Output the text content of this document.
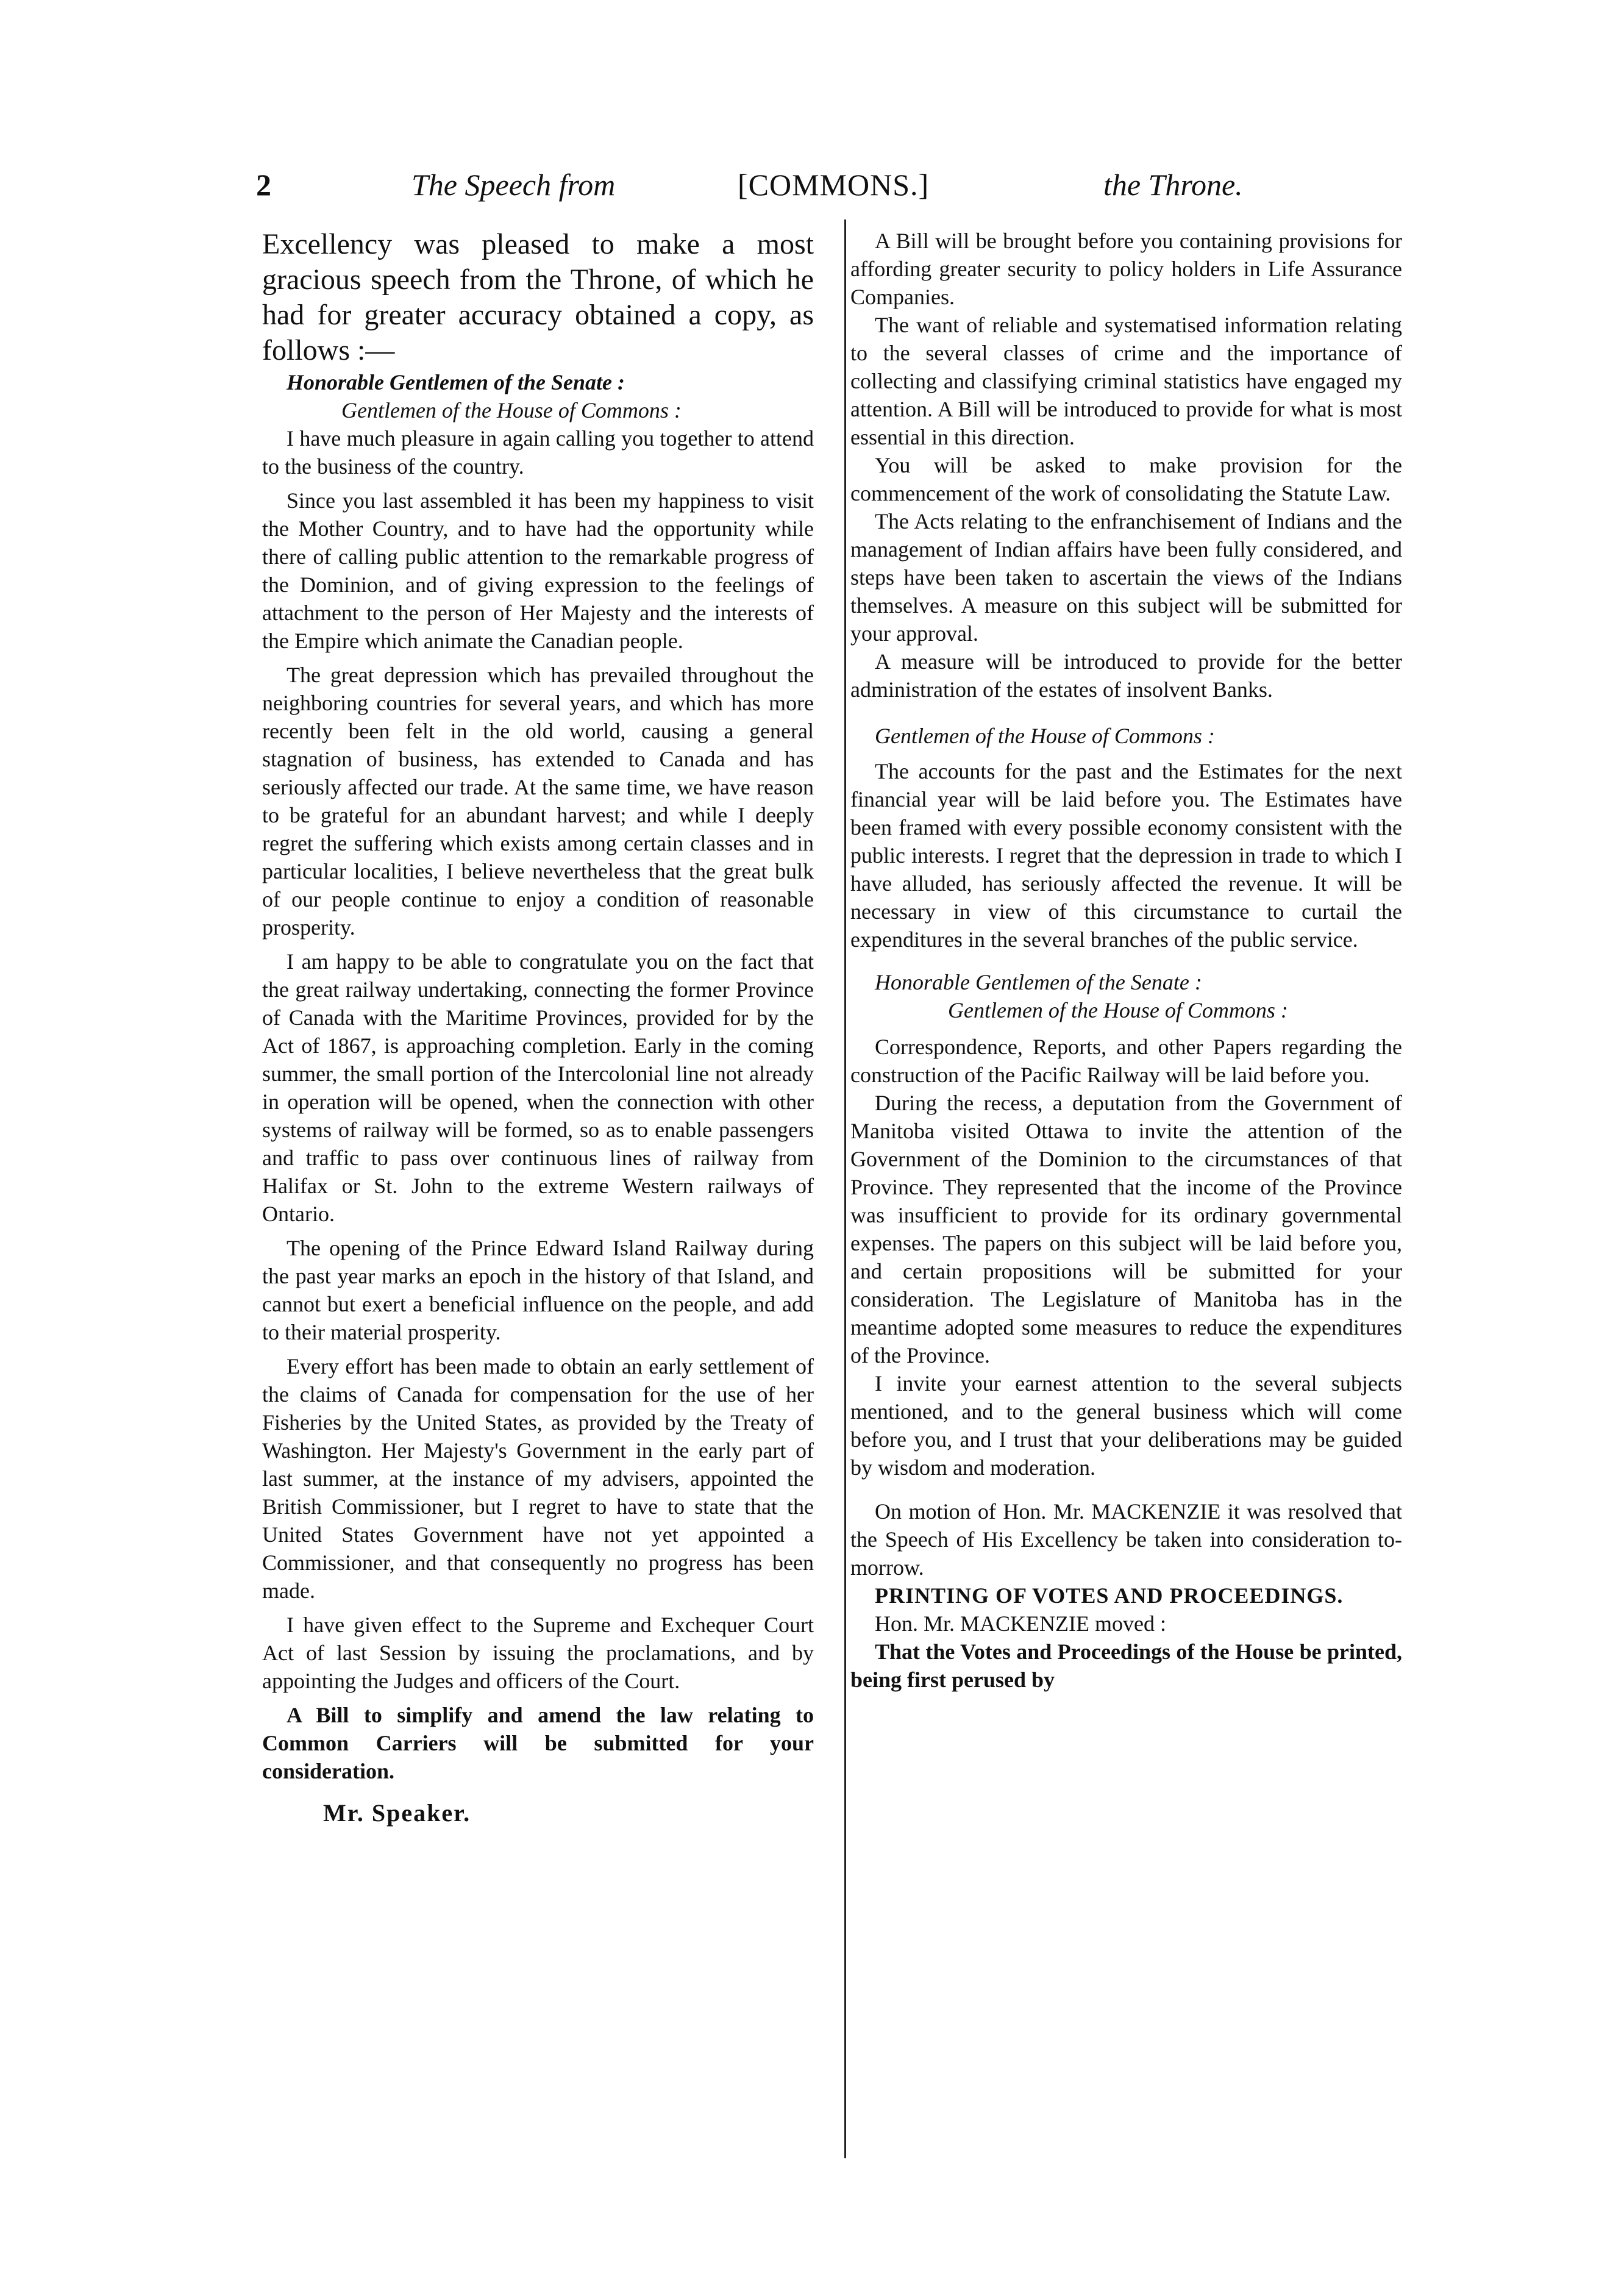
2	The Speech from	[COMMONS.]	the Throne.

Excellency was pleased to make a most gracious speech from the Throne, of which he had for greater accuracy obtained a copy, as follows :—

Honorable Gentlemen of the Senate :

Gentlemen of the House of Commons :

I have much pleasure in again calling you together to attend to the business of the country.

Since you last assembled it has been my happiness to visit the Mother Country, and to have had the opportunity while there of calling public attention to the remarkable progress of the Dominion, and of giving expression to the feelings of attachment to the person of Her Majesty and the interests of the Empire which animate the Canadian people.

The great depression which has prevailed throughout the neighboring countries for several years, and which has more recently been felt in the old world, causing a general stagnation of business, has extended to Canada and has seriously affected our trade. At the same time, we have reason to be grateful for an abundant harvest; and while I deeply regret the suffering which exists among certain classes and in particular localities, I believe nevertheless that the great bulk of our people continue to enjoy a condition of reasonable prosperity.

I am happy to be able to congratulate you on the fact that the great railway undertaking, connecting the former Province of Canada with the Maritime Provinces, provided for by the Act of 1867, is approaching completion. Early in the coming summer, the small portion of the Intercolonial line not already in operation will be opened, when the connection with other systems of railway will be formed, so as to enable passengers and traffic to pass over continuous lines of railway from Halifax or St. John to the extreme Western railways of Ontario.

The opening of the Prince Edward Island Railway during the past year marks an epoch in the history of that Island, and cannot but exert a beneficial influence on the people, and add to their material prosperity.

Every effort has been made to obtain an early settlement of the claims of Canada for compensation for the use of her Fisheries by the United States, as provided by the Treaty of Washington. Her Majesty's Government in the early part of last summer, at the instance of my advisers, appointed the British Commissioner, but I regret to have to state that the United States Government have not yet appointed a Commissioner, and that consequently no progress has been made.

I have given effect to the Supreme and Exchequer Court Act of last Session by issuing the proclamations, and by appointing the Judges and officers of the Court.

A Bill to simplify and amend the law relating to Common Carriers will be submitted for your consideration.

Mr. Speaker.

A Bill will be brought before you containing provisions for affording greater security to policy holders in Life Assurance Companies.

The want of reliable and systematised information relating to the several classes of crime and the importance of collecting and classifying criminal statistics have engaged my attention. A Bill will be introduced to provide for what is most essential in this direction.

You will be asked to make provision for the commencement of the work of consolidating the Statute Law.

The Acts relating to the enfranchisement of Indians and the management of Indian affairs have been fully considered, and steps have been taken to ascertain the views of the Indians themselves. A measure on this subject will be submitted for your approval.

A measure will be introduced to provide for the better administration of the estates of insolvent Banks.

Gentlemen of the House of Commons :

The accounts for the past and the Estimates for the next financial year will be laid before you. The Estimates have been framed with every possible economy consistent with the public interests. I regret that the depression in trade to which I have alluded, has seriously affected the revenue. It will be necessary in view of this circumstance to curtail the expenditures in the several branches of the public service.

Honorable Gentlemen of the Senate :

Gentlemen of the House of Commons :

Correspondence, Reports, and other Papers regarding the construction of the Pacific Railway will be laid before you.

During the recess, a deputation from the Government of Manitoba visited Ottawa to invite the attention of the Government of the Dominion to the circumstances of that Province. They represented that the income of the Province was insufficient to provide for its ordinary governmental expenses. The papers on this subject will be laid before you, and certain propositions will be submitted for your consideration. The Legislature of Manitoba has in the meantime adopted some measures to reduce the expenditures of the Province.

I invite your earnest attention to the several subjects mentioned, and to the general business which will come before you, and I trust that your deliberations may be guided by wisdom and moderation.

On motion of Hon. Mr. MACKENZIE it was resolved that the Speech of His Excellency be taken into consideration to-morrow.

PRINTING OF VOTES AND PROCEEDINGS.

Hon. Mr. MACKENZIE moved :

That the Votes and Proceedings of the House be printed, being first perused by
